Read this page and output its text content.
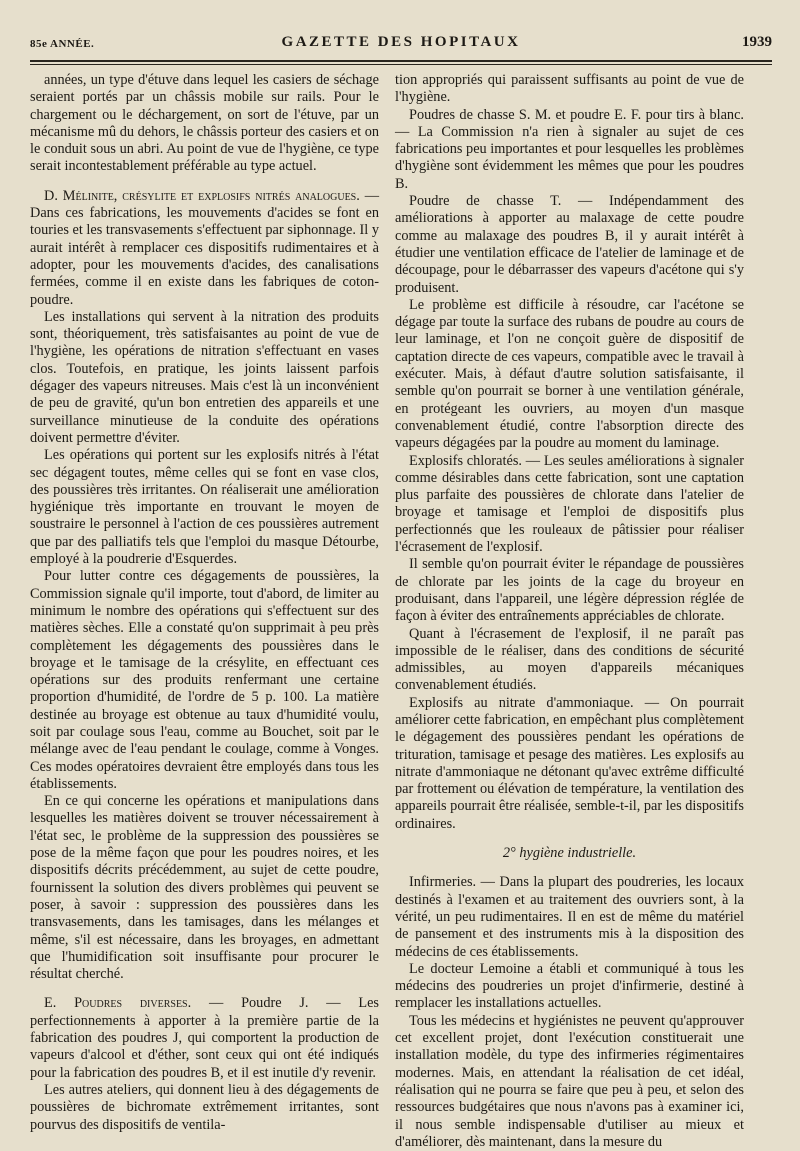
85e ANNÉE.	GAZETTE DES HOPITAUX	1939

années, un type d'étuve dans lequel les casiers de séchage seraient portés par un châssis mobile sur rails. Pour le chargement ou le déchargement, on sort de l'étuve, par un mécanisme mû du dehors, le châssis porteur des casiers et on le conduit sous un abri. Au point de vue de l'hygiène, ce type serait incontestablement préférable au type actuel.

D. Mélinite, crésylite et explosifs nitrés analogues. — Dans ces fabrications, les mouvements d'acides se font en touries et les transvasements s'effectuent par siphonnage. Il y aurait intérêt à remplacer ces dispositifs rudimentaires et à adopter, pour les mouvements d'acides, des canalisations fermées, comme il en existe dans les fabriques de coton-poudre.

Les installations qui servent à la nitration des produits sont, théoriquement, très satisfaisantes au point de vue de l'hygiène, les opérations de nitration s'effectuant en vases clos. Toutefois, en pratique, les joints laissent parfois dégager des vapeurs nitreuses. Mais c'est là un inconvénient de peu de gravité, qu'un bon entretien des appareils et une surveillance minutieuse de la conduite des opérations doivent permettre d'éviter.

Les opérations qui portent sur les explosifs nitrés à l'état sec dégagent toutes, même celles qui se font en vase clos, des poussières très irritantes. On réaliserait une amélioration hygiénique très importante en trouvant le moyen de soustraire le personnel à l'action de ces poussières autrement que par des palliatifs tels que l'emploi du masque Détourbe, employé à la poudrerie d'Esquerdes.

Pour lutter contre ces dégagements de poussières, la Commission signale qu'il importe, tout d'abord, de limiter au minimum le nombre des opérations qui s'effectuent sur des matières sèches. Elle a constaté qu'on supprimait à peu près complètement les dégagements des poussières dans le broyage et le tamisage de la crésylite, en effectuant ces opérations sur des produits renfermant une certaine proportion d'humidité, de l'ordre de 5 p. 100. La matière destinée au broyage est obtenue au taux d'humidité voulu, soit par coulage sous l'eau, comme au Bouchet, soit par le mélange avec de l'eau pendant le coulage, comme à Vonges. Ces modes opératoires devraient être employés dans tous les établissements.

En ce qui concerne les opérations et manipulations dans lesquelles les matières doivent se trouver nécessairement à l'état sec, le problème de la suppression des poussières se pose de la même façon que pour les poudres noires, et les dispositifs décrits précédemment, au sujet de cette poudre, fournissent la solution des divers problèmes qui peuvent se poser, à savoir : suppression des poussières dans les transvasements, dans les tamisages, dans les mélanges et même, s'il est nécessaire, dans les broyages, en admettant que l'humidification soit insuffisante pour procurer le résultat cherché.

E. Poudres diverses. — Poudre J. — Les perfectionnements à apporter à la première partie de la fabrication des poudres J, qui comportent la production de vapeurs d'alcool et d'éther, sont ceux qui ont été indiqués pour la fabrication des poudres B, et il est inutile d'y revenir.

Les autres ateliers, qui donnent lieu à des dégagements de poussières de bichromate extrêmement irritantes, sont pourvus des dispositifs de ventila-

tion appropriés qui paraissent suffisants au point de vue de l'hygiène.

Poudres de chasse S. M. et poudre E. F. pour tirs à blanc. — La Commission n'a rien à signaler au sujet de ces fabrications peu importantes et pour lesquelles les problèmes d'hygiène sont évidemment les mêmes que pour les poudres B.

Poudre de chasse T. — Indépendamment des améliorations à apporter au malaxage de cette poudre comme au malaxage des poudres B, il y aurait intérêt à étudier une ventilation efficace de l'atelier de laminage et de découpage, pour le débarrasser des vapeurs d'acétone qui s'y produisent.

Le problème est difficile à résoudre, car l'acétone se dégage par toute la surface des rubans de poudre au cours de leur laminage, et l'on ne conçoit guère de dispositif de captation directe de ces vapeurs, compatible avec le travail à exécuter. Mais, à défaut d'autre solution satisfaisante, il semble qu'on pourrait se borner à une ventilation générale, en protégeant les ouvriers, au moyen d'un masque convenablement étudié, contre l'absorption directe des vapeurs dégagées par la poudre au moment du laminage.

Explosifs chloratés. — Les seules améliorations à signaler comme désirables dans cette fabrication, sont une captation plus parfaite des poussières de chlorate dans l'atelier de broyage et tamisage et l'emploi de dispositifs plus perfectionnés que les rouleaux de pâtissier pour réaliser l'écrasement de l'explosif.

Il semble qu'on pourrait éviter le répandage de poussières de chlorate par les joints de la cage du broyeur en produisant, dans l'appareil, une légère dépression réglée de façon à éviter des entraînements appréciables de chlorate.

Quant à l'écrasement de l'explosif, il ne paraît pas impossible de le réaliser, dans des conditions de sécurité admissibles, au moyen d'appareils mécaniques convenablement étudiés.

Explosifs au nitrate d'ammoniaque. — On pourrait améliorer cette fabrication, en empêchant plus complètement le dégagement des poussières pendant les opérations de trituration, tamisage et pesage des matières. Les explosifs au nitrate d'ammoniaque ne détonant qu'avec extrême difficulté par frottement ou élévation de température, la ventilation des appareils pourrait être réalisée, semble-t-il, par les dispositifs ordinaires.

2° hygiène industrielle.

Infirmeries. — Dans la plupart des poudreries, les locaux destinés à l'examen et au traitement des ouvriers sont, à la vérité, un peu rudimentaires. Il en est de même du matériel de pansement et des instruments mis à la disposition des médecins de ces établissements.

Le docteur Lemoine a établi et communiqué à tous les médecins des poudreries un projet d'infirmerie, destiné à remplacer les installations actuelles.

Tous les médecins et hygiénistes ne peuvent qu'approuver cet excellent projet, dont l'exécution constituerait une installation modèle, du type des infirmeries régimentaires modernes. Mais, en attendant la réalisation de cet idéal, réalisation qui ne pourra se faire que peu à peu, et selon des ressources budgétaires que nous n'avons pas à examiner ici, il nous semble indispensable d'utiliser au mieux et d'améliorer, dès maintenant, dans la mesure du
